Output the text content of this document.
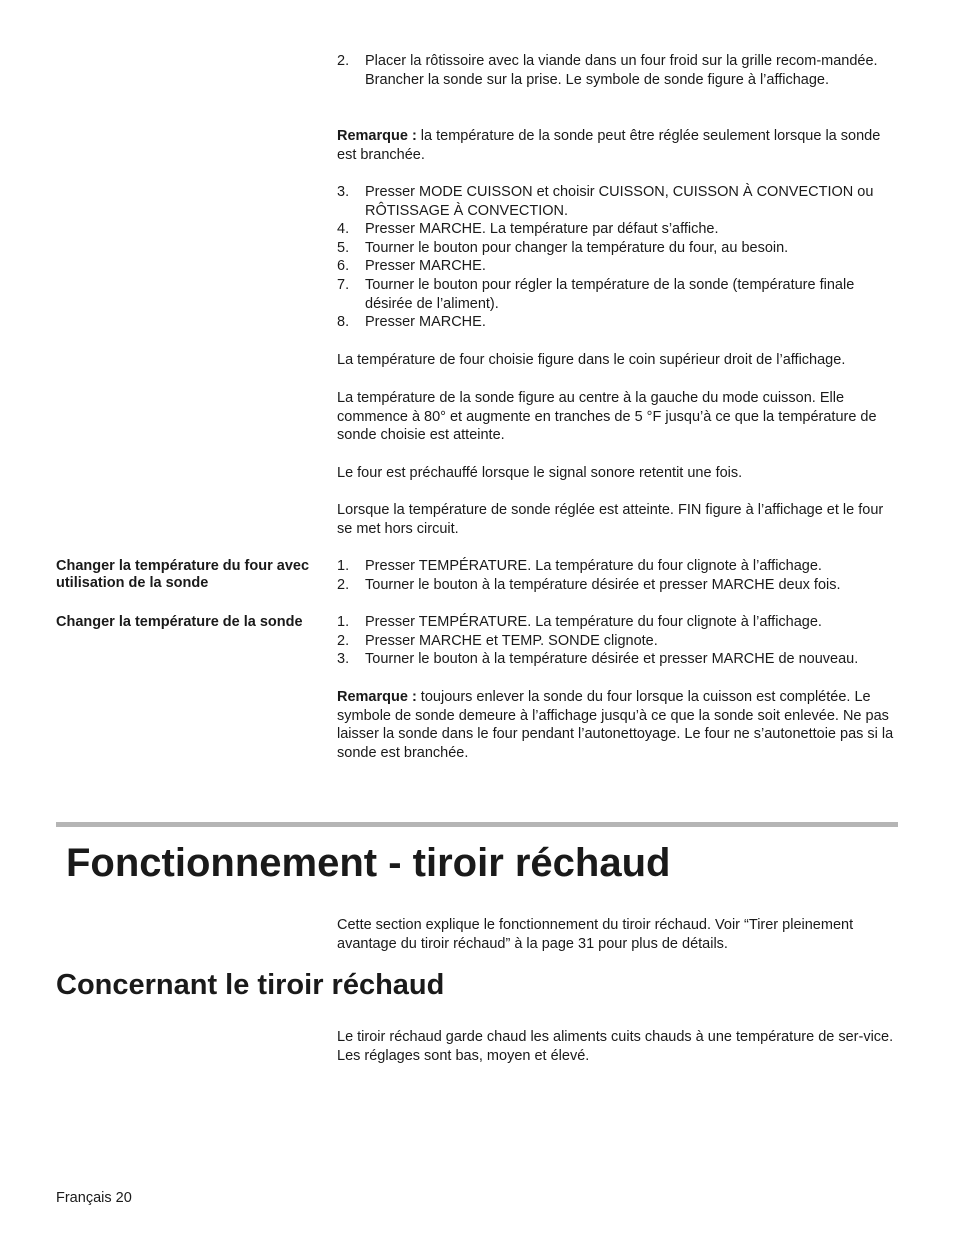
2.	Placer la rôtissoire avec la viande dans un four froid sur la grille recom-mandée. Brancher la sonde sur la prise. Le symbole de sonde figure à l’affichage.

Remarque : la température de la sonde peut être réglée seulement lorsque la sonde est branchée.

3.	Presser MODE CUISSON et choisir CUISSON, CUISSON À CONVECTION ou RÔTISSAGE À CONVECTION.
4.	Presser MARCHE. La température par défaut s’affiche.
5.	Tourner le bouton pour changer la température du four, au besoin.
6.	Presser MARCHE.
7.	Tourner le bouton pour régler la température de la sonde (température finale désirée de l’aliment).
8.	Presser MARCHE.

La température de four choisie figure dans le coin supérieur droit de l’affichage.

La température de la sonde figure au centre à la gauche du mode cuisson. Elle commence à 80° et augmente en tranches de 5 °F jusqu’à ce que la température de sonde choisie est atteinte.

Le four est préchauffé lorsque le signal sonore retentit une fois.

Lorsque la température de sonde réglée est atteinte. FIN figure à l’affichage et le four se met hors circuit.

Changer la température du four avec utilisation de la sonde
1.	Presser TEMPÉRATURE. La température du four clignote à l’affichage.
2.	Tourner le bouton à la température désirée et presser MARCHE deux fois.
Changer la température de la sonde	1.	Presser TEMPÉRATURE. La température du four clignote à l’affichage.
2.	Presser MARCHE et TEMP. SONDE clignote.
3.	Tourner le bouton à la température désirée et presser MARCHE de nouveau.

Remarque : toujours enlever la sonde du four lorsque la cuisson est complétée. Le symbole de sonde demeure à l’affichage jusqu’à ce que la sonde soit enlevée. Ne pas laisser la sonde dans le four pendant l’autonettoyage. Le four ne s’autonettoie pas si la sonde est branchée.

Fonctionnement - tiroir réchaud

Cette section explique le fonctionnement du tiroir réchaud. Voir “Tirer pleinement avantage du tiroir réchaud” à la page 31 pour plus de détails.

Concernant le tiroir réchaud

Le tiroir réchaud garde chaud les aliments cuits chauds à une température de ser-vice. Les réglages sont bas, moyen et élevé.

Français 20
